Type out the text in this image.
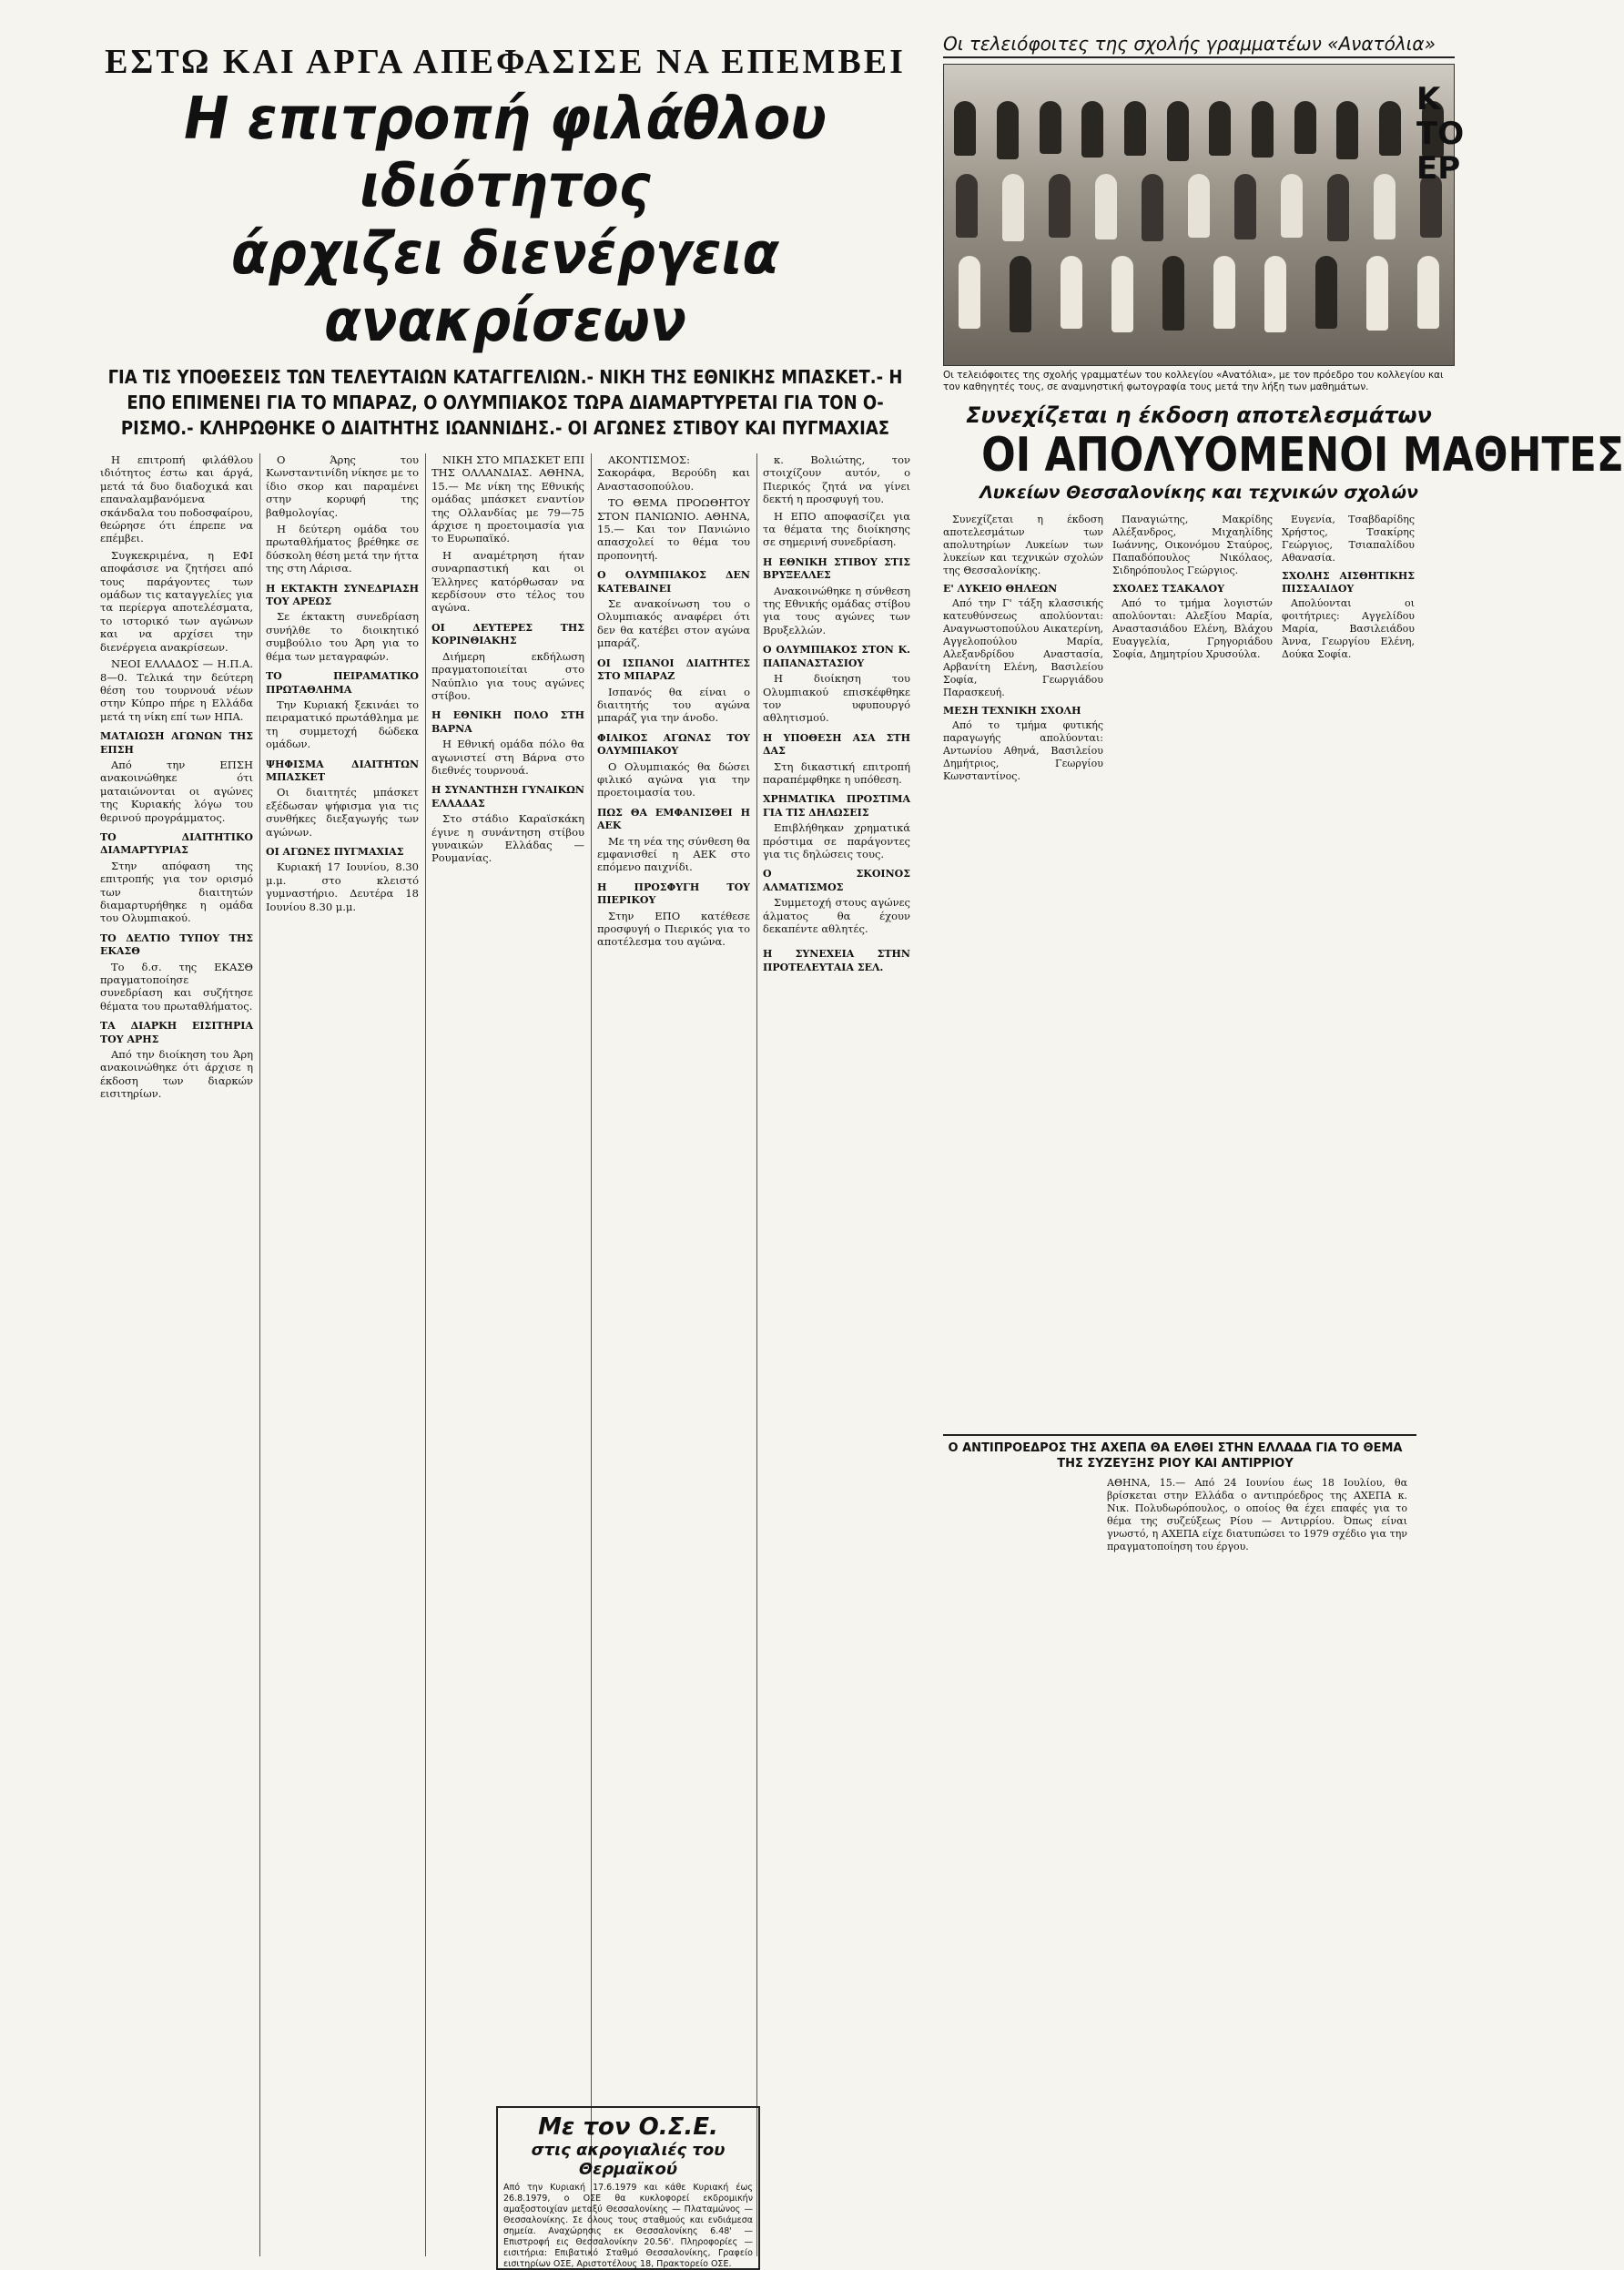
ΕΣΤΩ ΚΑΙ ΑΡΓΑ ΑΠΕΦΑΣΙΣΕ ΝΑ ΕΠΕΜΒΕΙ
Η επιτροπή φιλάθλου ιδιότητος
άρχιζει διενέργεια ανακρίσεων
ΓΙΑ ΤΙΣ ΥΠΟΘΕΣΕΙΣ ΤΩΝ ΤΕΛΕΥΤΑΙΩΝ ΚΑΤΑΓΓΕΛΙΩΝ.- ΝΙΚΗ ΤΗΣ ΕΘΝΙΚΗΣ ΜΠΑΣΚΕΤ.- Η ΕΠΟ ΕΠΙΜΕΝΕΙ ΓΙΑ ΤΟ ΜΠΑΡΑΖ, Ο ΟΛΥΜΠΙΑΚΟΣ ΤΩΡΑ ΔΙΑΜΑΡΤΥΡΕΤΑΙ ΓΙΑ ΤΟΝ Ο-ΡΙΣΜΟ.- ΚΛΗΡΩΘΗΚΕ Ο ΔΙΑΙΤΗΤΗΣ ΙΩΑΝΝΙΔΗΣ.- ΟΙ ΑΓΩΝΕΣ ΣΤΙΒΟΥ ΚΑΙ ΠΥΓΜΑΧΙΑΣ

Η επιτροπή φιλάθλου ιδιότητος έστω και άργά, μετά τά δυο διαδοχικά και επαναλαμβανόμενα σκάνδαλα του ποδοσφαίρου, θεώρησε ότι έπρεπε να επέμβει.

Συγκεκριμένα, η ΕΦΙ αποφάσισε να ζητήσει από τους παράγοντες των ομάδων τις καταγγελίες για τα περίεργα αποτελέσματα, το ιστορικό των αγώνων και να αρχίσει την διενέργεια ανακρίσεων.

ΝΕΟΙ ΕΛΛΑΔΟΣ — Η.Π.Α. 8—0. Τελικά την δεύτερη θέση του τουρνουά νέων στην Κύπρο πήρε η Ελλάδα μετά τη νίκη επί των ΗΠΑ.

ΜΑΤΑΙΩΣΗ ΑΓΩΝΩΝ ΤΗΣ ΕΠΣΗ

Από την ΕΠΣΗ ανακοινώθηκε ότι ματαιώνονται οι αγώνες της Κυριακής λόγω του θερινού προγράμματος.

ΤΟ ΔΙΑΙΤΗΤΙΚΟ ΔΙΑΜΑΡΤΥΡΙΑΣ

Στην απόφαση της επιτροπής για τον ορισμό των διαιτητών διαμαρτυρήθηκε η ομάδα του Ολυμπιακού.

ΤΟ ΔΕΛΤΙΟ ΤΥΠΟΥ ΤΗΣ ΕΚΑΣΘ

Το δ.σ. της ΕΚΑΣΘ πραγματοποίησε συνεδρίαση και συζήτησε θέματα του πρωταθλήματος.

ΤΑ ΔΙΑΡΚΗ ΕΙΣΙΤΗΡΙΑ ΤΟΥ ΑΡΗΣ

Από την διοίκηση του Άρη ανακοινώθηκε ότι άρχισε η έκδοση των διαρκών εισιτηρίων.

Ο Άρης του Κωνσταντινίδη νίκησε με το ίδιο σκορ και παραμένει στην κορυφή της βαθμολογίας.

Η δεύτερη ομάδα του πρωταθλήματος βρέθηκε σε δύσκολη θέση μετά την ήττα της στη Λάρισα.

Η ΕΚΤΑΚΤΗ ΣΥΝΕΔΡΙΑΣΗ ΤΟΥ ΑΡΕΩΣ

Σε έκτακτη συνεδρίαση συνήλθε το διοικητικό συμβούλιο του Άρη για το θέμα των μεταγραφών.

ΤΟ ΠΕΙΡΑΜΑΤΙΚΟ ΠΡΩΤΑΘΛΗΜΑ

Την Κυριακή ξεκινάει το πειραματικό πρωτάθλημα με τη συμμετοχή δώδεκα ομάδων.

ΨΗΦΙΣΜΑ ΔΙΑΙΤΗΤΩΝ ΜΠΑΣΚΕΤ

Οι διαιτητές μπάσκετ εξέδωσαν ψήφισμα για τις συνθήκες διεξαγωγής των αγώνων.

ΟΙ ΑΓΩΝΕΣ ΠΥΓΜΑΧΙΑΣ

Κυριακή 17 Ιουνίου, 8.30 μ.μ. στο κλειστό γυμναστήριο. Δευτέρα 18 Ιουνίου 8.30 μ.μ.

ΝΙΚΗ ΣΤΟ ΜΠΑΣΚΕΤ ΕΠΙ ΤΗΣ ΟΛΛΑΝΔΙΑΣ. ΑΘΗΝΑ, 15.— Με νίκη της Εθνικής ομάδας μπάσκετ εναντίον της Ολλανδίας με 79—75 άρχισε η προετοιμασία για το Ευρωπαϊκό.

Η αναμέτρηση ήταν συναρπαστική και οι Έλληνες κατόρθωσαν να κερδίσουν στο τέλος του αγώνα.

ΟΙ ΔΕΥΤΕΡΕΣ ΤΗΣ ΚΟΡΙΝΘΙΑΚΗΣ

Διήμερη εκδήλωση πραγματοποιείται στο Ναύπλιο για τους αγώνες στίβου.

Η ΕΘΝΙΚΗ ΠΟΛΟ ΣΤΗ ΒΑΡΝΑ

Η Εθνική ομάδα πόλο θα αγωνιστεί στη Βάρνα στο διεθνές τουρνουά.

Η ΣΥΝΑΝΤΗΣΗ ΓΥΝΑΙΚΩΝ ΕΛΛΑΔΑΣ

Στο στάδιο Καραϊσκάκη έγινε η συνάντηση στίβου γυναικών Ελλάδας — Ρουμανίας.

ΑΚΟΝΤΙΣΜΟΣ: Σακοράφα, Βερούδη και Αναστασοπούλου.

ΤΟ ΘΕΜΑ ΠΡΟΩΘΗΤΟΥ ΣΤΟΝ ΠΑΝΙΩΝΙΟ. ΑΘΗΝΑ, 15.— Και τον Πανιώνιο απασχολεί το θέμα του προπονητή.

Ο ΟΛΥΜΠΙΑΚΟΣ ΔΕΝ ΚΑΤΕΒΑΙΝΕΙ

Σε ανακοίνωση του ο Ολυμπιακός αναφέρει ότι δεν θα κατέβει στον αγώνα μπαράζ.

ΟΙ ΙΣΠΑΝΟΙ ΔΙΑΙΤΗΤΕΣ ΣΤΟ ΜΠΑΡΑΖ

Ισπανός θα είναι ο διαιτητής του αγώνα μπαράζ για την άνοδο.

ΦΙΛΙΚΟΣ ΑΓΩΝΑΣ ΤΟΥ ΟΛΥΜΠΙΑΚΟΥ

Ο Ολυμπιακός θα δώσει φιλικό αγώνα για την προετοιμασία του.

ΠΩΣ ΘΑ ΕΜΦΑΝΙΣΘΕΙ Η ΑΕΚ

Με τη νέα της σύνθεση θα εμφανισθεί η ΑΕΚ στο επόμενο παιχνίδι.

Η ΠΡΟΣΦΥΓΗ ΤΟΥ ΠΙΕΡΙΚΟΥ

Στην ΕΠΟ κατέθεσε προσφυγή ο Πιερικός για το αποτέλεσμα του αγώνα.

κ. Βολιώτης, τον στοιχίζουν αυτόν, ο Πιερικός ζητά να γίνει δεκτή η προσφυγή του.

Η ΕΠΟ αποφασίζει για τα θέματα της διοίκησης σε σημερινή συνεδρίαση.

Η ΕΘΝΙΚΗ ΣΤΙΒΟΥ ΣΤΙΣ ΒΡΥΞΕΛΛΕΣ

Ανακοινώθηκε η σύνθεση της Εθνικής ομάδας στίβου για τους αγώνες των Βρυξελλών.

Ο ΟΛΥΜΠΙΑΚΟΣ ΣΤΟΝ Κ. ΠΑΠΑΝΑΣΤΑΣΙΟΥ

Η διοίκηση του Ολυμπιακού επισκέφθηκε τον υφυπουργό αθλητισμού.

Η ΥΠΟΘΕΣΗ ΑΣΑ ΣΤΗ ΔΑΣ

Στη δικαστική επιτροπή παραπέμφθηκε η υπόθεση.

ΧΡΗΜΑΤΙΚΑ ΠΡΟΣΤΙΜΑ ΓΙΑ ΤΙΣ ΔΗΛΩΣΕΙΣ

Επιβλήθηκαν χρηματικά πρόστιμα σε παράγοντες για τις δηλώσεις τους.

Ο ΣΚΟΙΝΟΣ ΑΛΜΑΤΙΣΜΟΣ

Συμμετοχή στους αγώνες άλματος θα έχουν δεκαπέντε αθλητές.

Η ΣΥΝΕΧΕΙΑ ΣΤΗΝ ΠΡΟΤΕΛΕΥΤΑΙΑ ΣΕΛ.
Με τον Ο.Σ.Ε.
στις ακρογιαλιές του Θερμαϊκού
Από την Κυριακή 17.6.1979 και κάθε Κυριακή έως 26.8.1979, ο ΟΣΕ θα κυκλοφορεί εκδρομικήν αμαξοστοιχίαν μεταξύ Θεσσαλονίκης — Πλαταμώνος — Θεσσαλονίκης. Σε όλους τους σταθμούς και ενδιάμεσα σημεία. Αναχώρησις εκ Θεσσαλονίκης 6.48' — Επιστροφή εις Θεσσαλονίκην 20.56'. Πληροφορίες — εισιτήρια: Επιβατικό Σταθμό Θεσσαλονίκης, Γραφείο εισιτηρίων ΟΣΕ, Αριστοτέλους 18, Πρακτορείο ΟΣΕ.
Οι τελειόφοιτες της σχολής γραμματέων «Ανατόλια»
Οι τελειόφοιτες της σχολής γραμματέων του κολλεγίου «Ανατόλια», με τον πρόεδρο του κολλεγίου και τον καθηγητές τους, σε αναμνηστική φωτογραφία τους μετά την λήξη των μαθημάτων.
Συνεχίζεται η έκδοση αποτελεσμάτων
ΟΙ ΑΠΟΛΥΟΜΕΝΟΙ ΜΑΘΗΤΕΣ
Λυκείων Θεσσαλονίκης και τεχνικών σχολών

Συνεχίζεται η έκδοση αποτελεσμάτων των απολυτηρίων Λυκείων των λυκείων και τεχνικών σχολών της Θεσσαλονίκης.

Ε' ΛΥΚΕΙΟ ΘΗΛΕΩΝ

Από την Γ' τάξη κλασσικής κατευθύνσεως απολύονται: Αναγνωστοπούλου Αικατερίνη, Αγγελοπούλου Μαρία, Αλεξανδρίδου Αναστασία, Αρβανίτη Ελένη, Βασιλείου Σοφία, Γεωργιάδου Παρασκευή.

ΜΕΣΗ ΤΕΧΝΙΚΗ ΣΧΟΛΗ

Από το τμήμα φυτικής παραγωγής απολύονται: Αντωνίου Αθηνά, Βασιλείου Δημήτριος, Γεωργίου Κωνσταντίνος.

Παναγιώτης, Μακρίδης Αλέξανδρος, Μιχαηλίδης Ιωάννης, Οικονόμου Σταύρος, Παπαδόπουλος Νικόλαος, Σιδηρόπουλος Γεώργιος.

ΣΧΟΛΕΣ ΤΣΑΚΑΛΟΥ

Από το τμήμα λογιστών απολύονται: Αλεξίου Μαρία, Αναστασιάδου Ελένη, Βλάχου Ευαγγελία, Γρηγοριάδου Σοφία, Δημητρίου Χρυσούλα.

Ευγενία, Τσαβδαρίδης Χρήστος, Τσακίρης Γεώργιος, Τσιαπαλίδου Αθανασία.

ΣΧΟΛΗΣ ΑΙΣΘΗΤΙΚΗΣ ΠΙΣΣΑΛΙΔΟΥ

Απολύονται οι φοιτήτριες: Αγγελίδου Μαρία, Βασιλειάδου Άννα, Γεωργίου Ελένη, Δούκα Σοφία.

Ο ΑΝΤΙΠΡΟΕΔΡΟΣ ΤΗΣ ΑΧΕΠΑ ΘΑ ΕΛΘΕΙ ΣΤΗΝ ΕΛΛΑΔΑ ΓΙΑ ΤΟ ΘΕΜΑ ΤΗΣ ΣΥΖΕΥΞΗΣ ΡΙΟΥ ΚΑΙ ΑΝΤΙΡΡΙΟΥ
ΑΘΗΝΑ, 15.— Από 24 Ιουνίου έως 18 Ιουλίου, θα βρίσκεται στην Ελλάδα ο αντιπρόεδρος της ΑΧΕΠΑ κ. Νικ. Πολυδωρόπουλος, ο οποίος θα έχει επαφές για το θέμα της συζεύξεως Ρίου — Αντιρρίου. Όπως είναι γνωστό, η ΑΧΕΠΑ είχε διατυπώσει το 1979 σχέδιο για την πραγματοποίηση του έργου.
Κ
ΤΟ
ΕΡ
